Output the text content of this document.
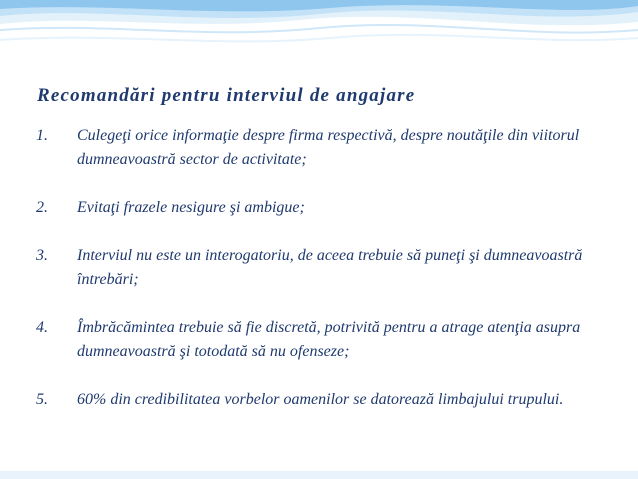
Recomandări pentru interviul de angajare
1.	Culegeţi orice informaţie despre firma respectivă, despre noutăţile din viitorul dumneavoastră sector de activitate;
2.	Evitaţi frazele nesigure şi ambigue;
3.	Interviul nu este un interogatoriu, de aceea trebuie să puneţi şi dumneavoastră întrebări;
4.	Îmbrăcămintea trebuie să fie discretă, potrivită pentru a atrage atenţia asupra dumneavoastră şi totodată să nu ofenseze;
5.	60% din credibilitatea vorbelor oamenilor se datorează limbajului trupului.
